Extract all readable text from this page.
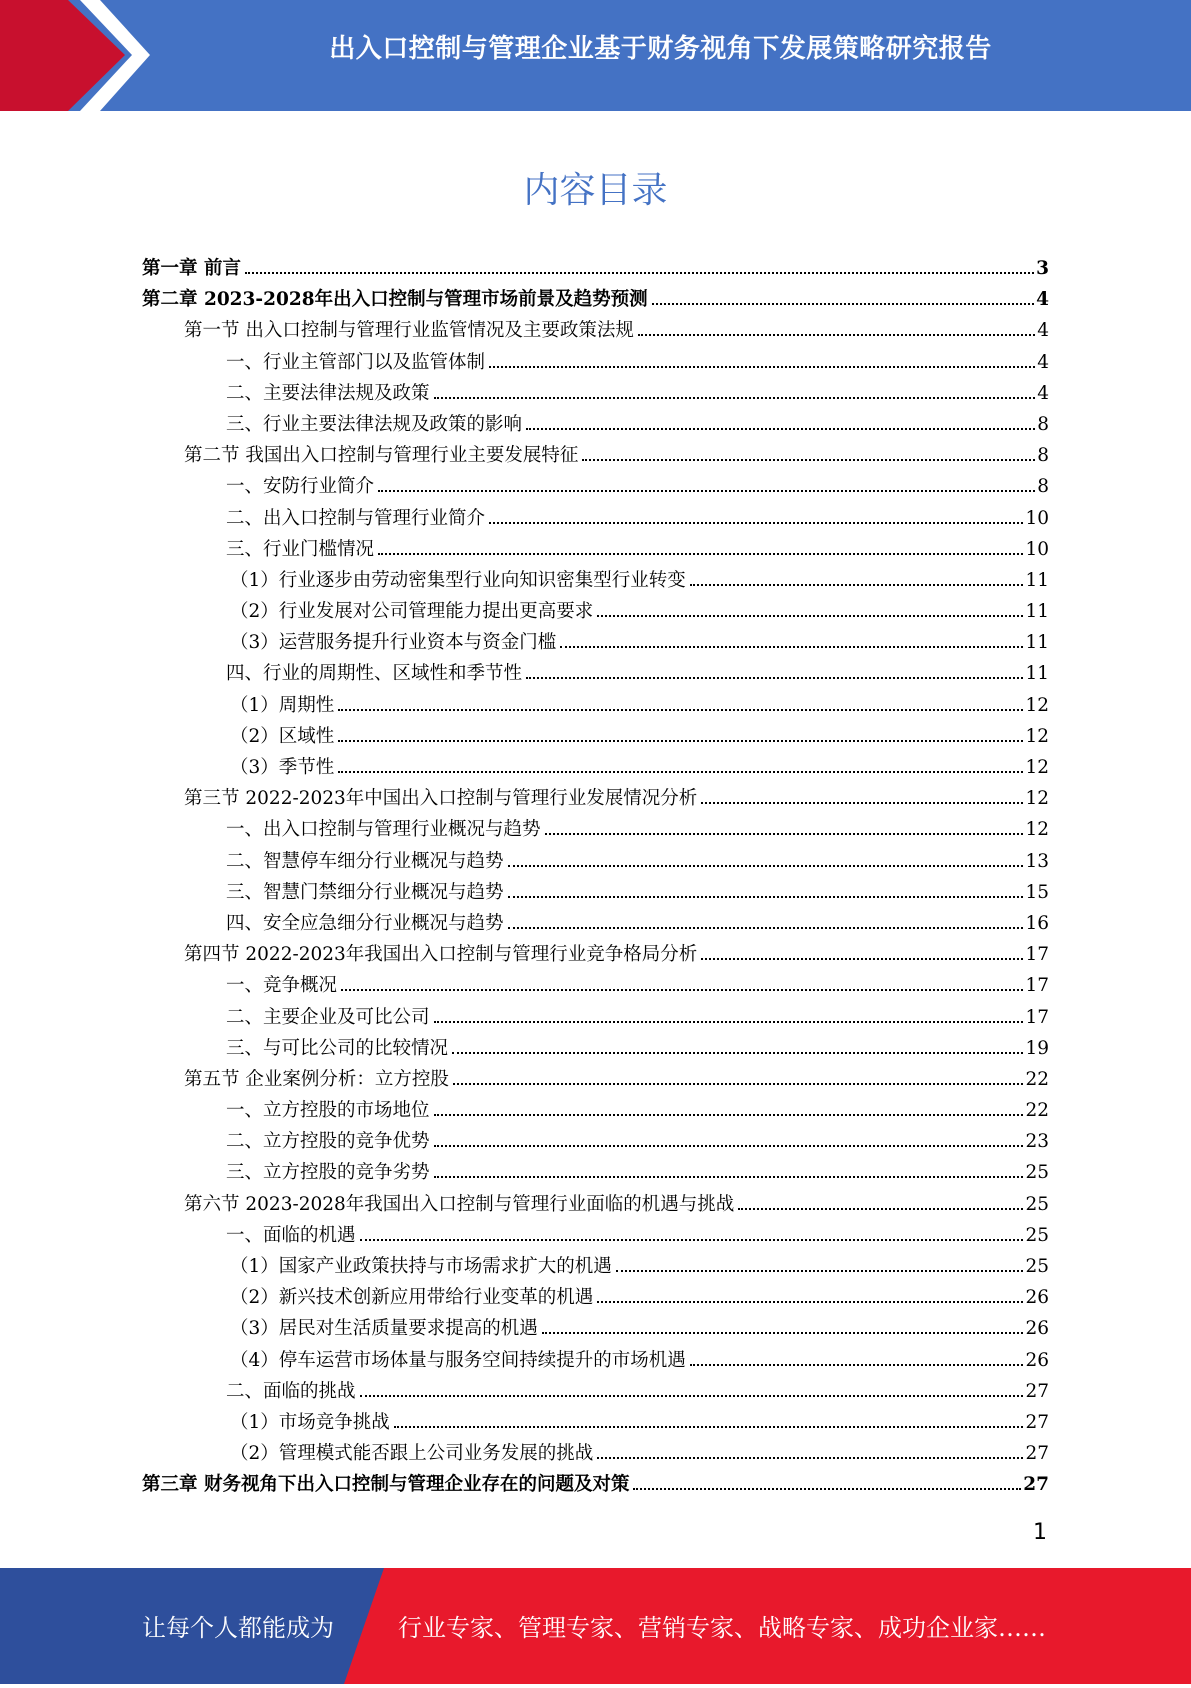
出入口控制与管理企业基于财务视角下发展策略研究报告
内容目录
第一章 前言	3
第二章 2023-2028年出入口控制与管理市场前景及趋势预测	4
第一节 出入口控制与管理行业监管情况及主要政策法规	4
一、行业主管部门以及监管体制	4
二、主要法律法规及政策	4
三、行业主要法律法规及政策的影响	8
第二节 我国出入口控制与管理行业主要发展特征	8
一、安防行业简介	8
二、出入口控制与管理行业简介	10
三、行业门槛情况	10
（1）行业逐步由劳动密集型行业向知识密集型行业转变	11
（2）行业发展对公司管理能力提出更高要求	11
（3）运营服务提升行业资本与资金门槛	11
四、行业的周期性、区域性和季节性	11
（1）周期性	12
（2）区域性	12
（3）季节性	12
第三节 2022-2023年中国出入口控制与管理行业发展情况分析	12
一、出入口控制与管理行业概况与趋势	12
二、智慧停车细分行业概况与趋势	13
三、智慧门禁细分行业概况与趋势	15
四、安全应急细分行业概况与趋势	16
第四节 2022-2023年我国出入口控制与管理行业竞争格局分析	17
一、竞争概况	17
二、主要企业及可比公司	17
三、与可比公司的比较情况	19
第五节 企业案例分析：立方控股	22
一、立方控股的市场地位	22
二、立方控股的竞争优势	23
三、立方控股的竞争劣势	25
第六节 2023-2028年我国出入口控制与管理行业面临的机遇与挑战	25
一、面临的机遇	25
（1）国家产业政策扶持与市场需求扩大的机遇	25
（2）新兴技术创新应用带给行业变革的机遇	26
（3）居民对生活质量要求提高的机遇	26
（4）停车运营市场体量与服务空间持续提升的市场机遇	26
二、面临的挑战	27
（1）市场竞争挑战	27
（2）管理模式能否跟上公司业务发展的挑战	27
第三章 财务视角下出入口控制与管理企业存在的问题及对策	27
1
让每个人都能成为	行业专家、管理专家、营销专家、战略专家、成功企业家……
